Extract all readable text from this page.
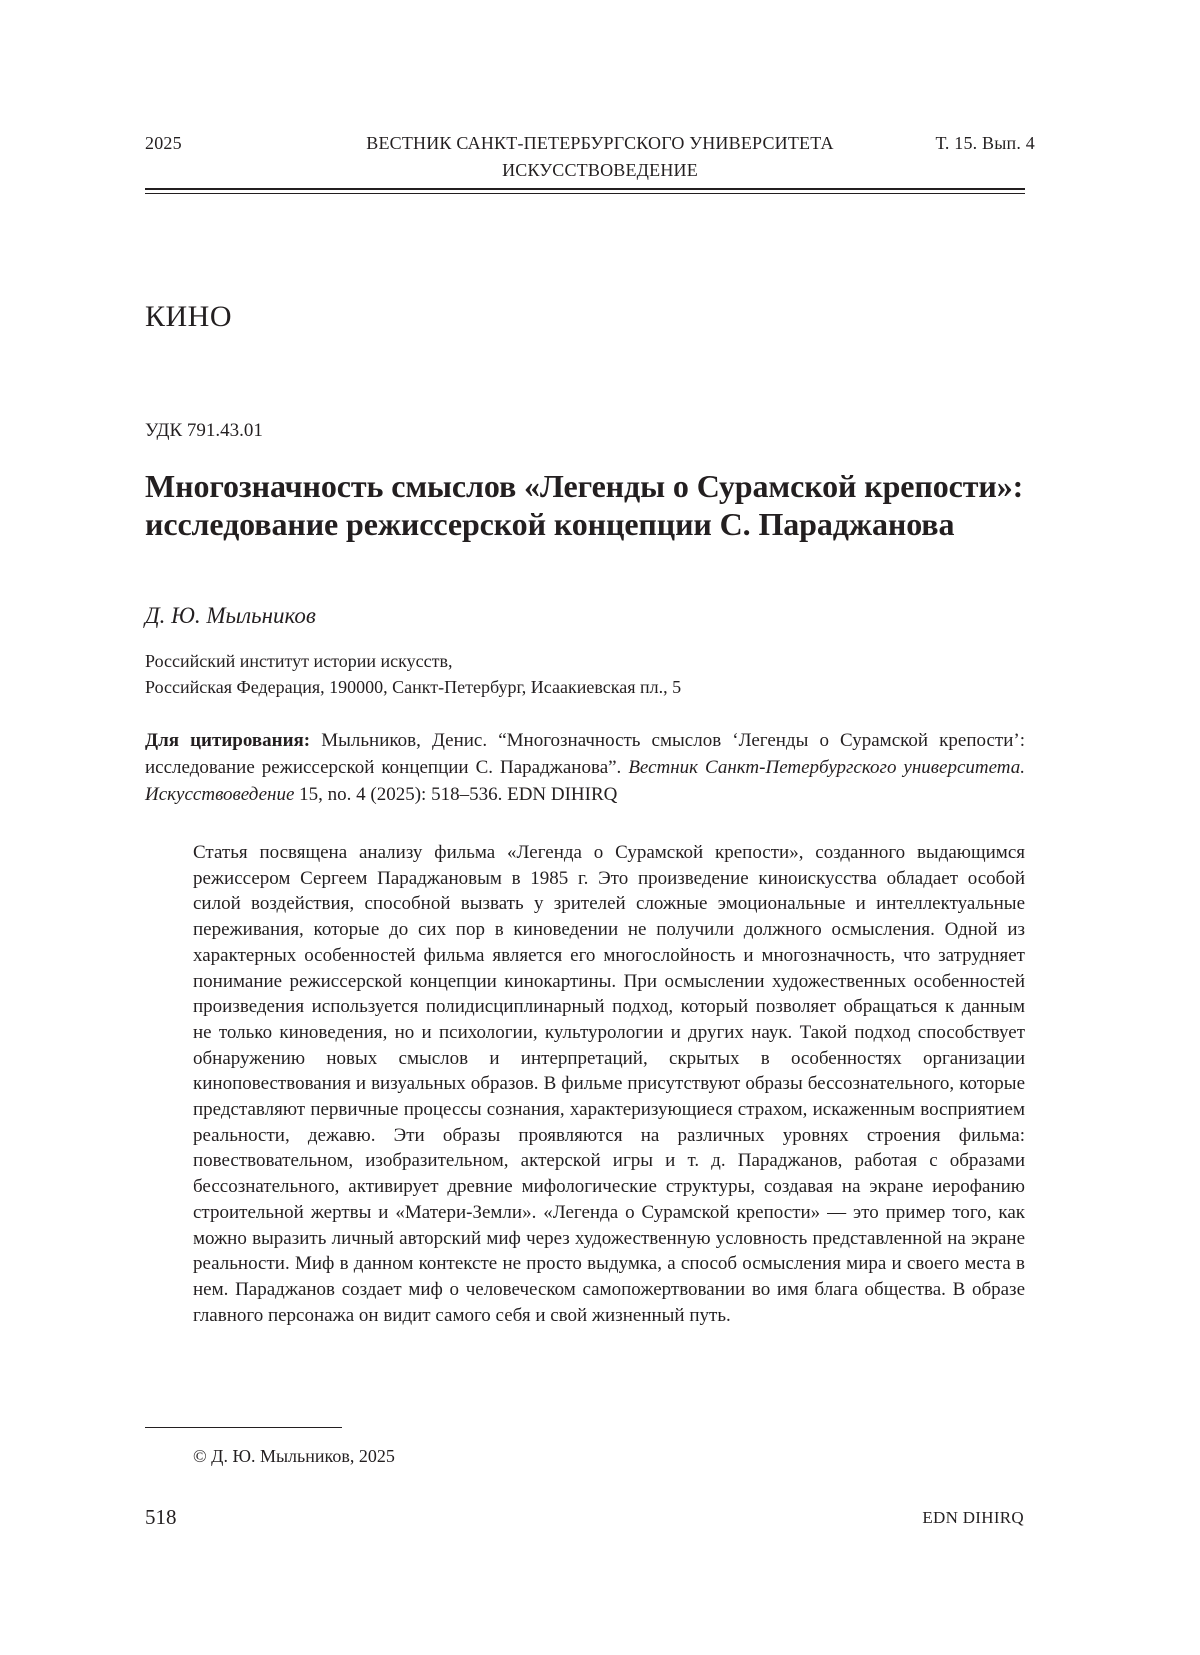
2025	ВЕСТНИК САНКТ-ПЕТЕРБУРГСКОГО УНИВЕРСИТЕТА
ИСКУССТВОВЕДЕНИЕ
Т. 15. Вып. 4
КИНО
УДК 791.43.01
Многозначность смыслов «Легенды о Сурамской крепости»: исследование режиссерской концепции С. Параджанова
Д. Ю. Мыльников
Российский институт истории искусств,
Российская Федерация, 190000, Санкт-Петербург, Исаакиевская пл., 5
Для цитирования: Мыльников, Денис. “Многозначность смыслов ‘Легенды о Сурамской крепости’: исследование режиссерской концепции С. Параджанова”. Вестник Санкт-Петербургского университета. Искусствоведение 15, no. 4 (2025): 518–536. EDN DIHIRQ
Статья посвящена анализу фильма «Легенда о Сурамской крепости», созданного выдающимся режиссером Сергеем Параджановым в 1985 г. Это произведение киноискусства обладает особой силой воздействия, способной вызвать у зрителей сложные эмоциональные и интеллектуальные переживания, которые до сих пор в киноведении не получили должного осмысления. Одной из характерных особенностей фильма является его многослойность и многозначность, что затрудняет понимание режиссерской концепции кинокартины. При осмыслении художественных особенностей произведения используется полидисциплинарный подход, который позволяет обращаться к данным не только киноведения, но и психологии, культурологии и других наук. Такой подход способствует обнаружению новых смыслов и интерпретаций, скрытых в особенностях организации киноповествования и визуальных образов. В фильме присутствуют образы бессознательного, которые представляют первичные процессы сознания, характеризующиеся страхом, искаженным восприятием реальности, дежавю. Эти образы проявляются на различных уровнях строения фильма: повествовательном, изобразительном, актерской игры и т. д. Параджанов, работая с образами бессознательного, активирует древние мифологические структуры, создавая на экране иерофанию строительной жертвы и «Матери-Земли». «Легенда о Сурамской крепости» — это пример того, как можно выразить личный авторский миф через художественную условность представленной на экране реальности. Миф в данном контексте не просто выдумка, а способ осмысления мира и своего места в нем. Параджанов создает миф о человеческом самопожертвовании во имя блага общества. В образе главного персонажа он видит самого себя и свой жизненный путь.
© Д. Ю. Мыльников, 2025
518	EDN DIHIRQ
